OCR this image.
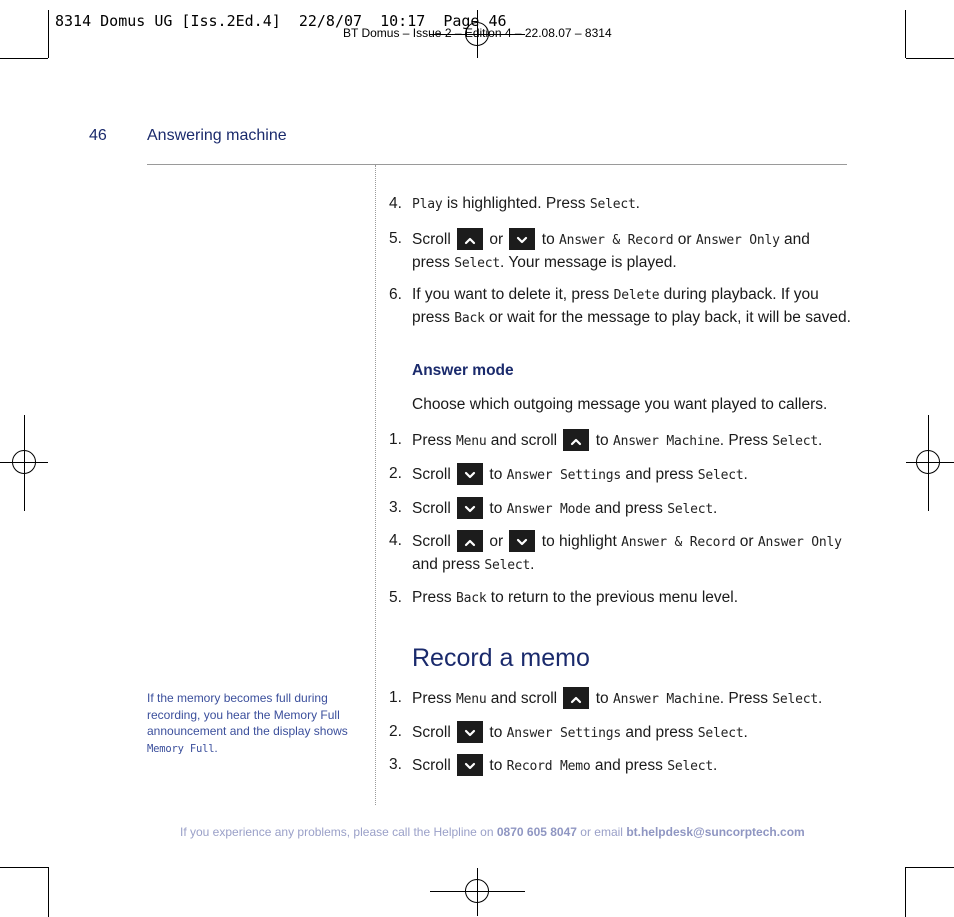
8314 Domus UG [Iss.2Ed.4]  22/8/07  10:17  Page 46
BT Domus – Issue 2 – Edition 4 – 22.08.07 – 8314
46	Answering machine
4. Play is highlighted. Press Select.
5. Scroll
or
to Answer & Record or Answer Only and press Select. Your message is played.
6. If you want to delete it, press Delete during playback. If you press Back or wait for the message to play back, it will be saved.
Answer mode
Choose which outgoing message you want played to callers.
1. Press Menu and scroll
to Answer Machine. Press Select.
2. Scroll
to Answer Settings and press Select.
3. Scroll
to Answer Mode and press Select.
4. Scroll
or
to highlight Answer & Record or Answer Only and press Select.
5. Press Back to return to the previous menu level.
Record a memo
1. Press Menu and scroll
to Answer Machine. Press Select.
2. Scroll
to Answer Settings and press Select.
3. Scroll
to Record Memo and press Select.
If the memory becomes full during recording, you hear the Memory Full announcement and the display shows Memory Full.
If you experience any problems, please call the Helpline on 0870 605 8047 or email bt.helpdesk@suncorptech.com
